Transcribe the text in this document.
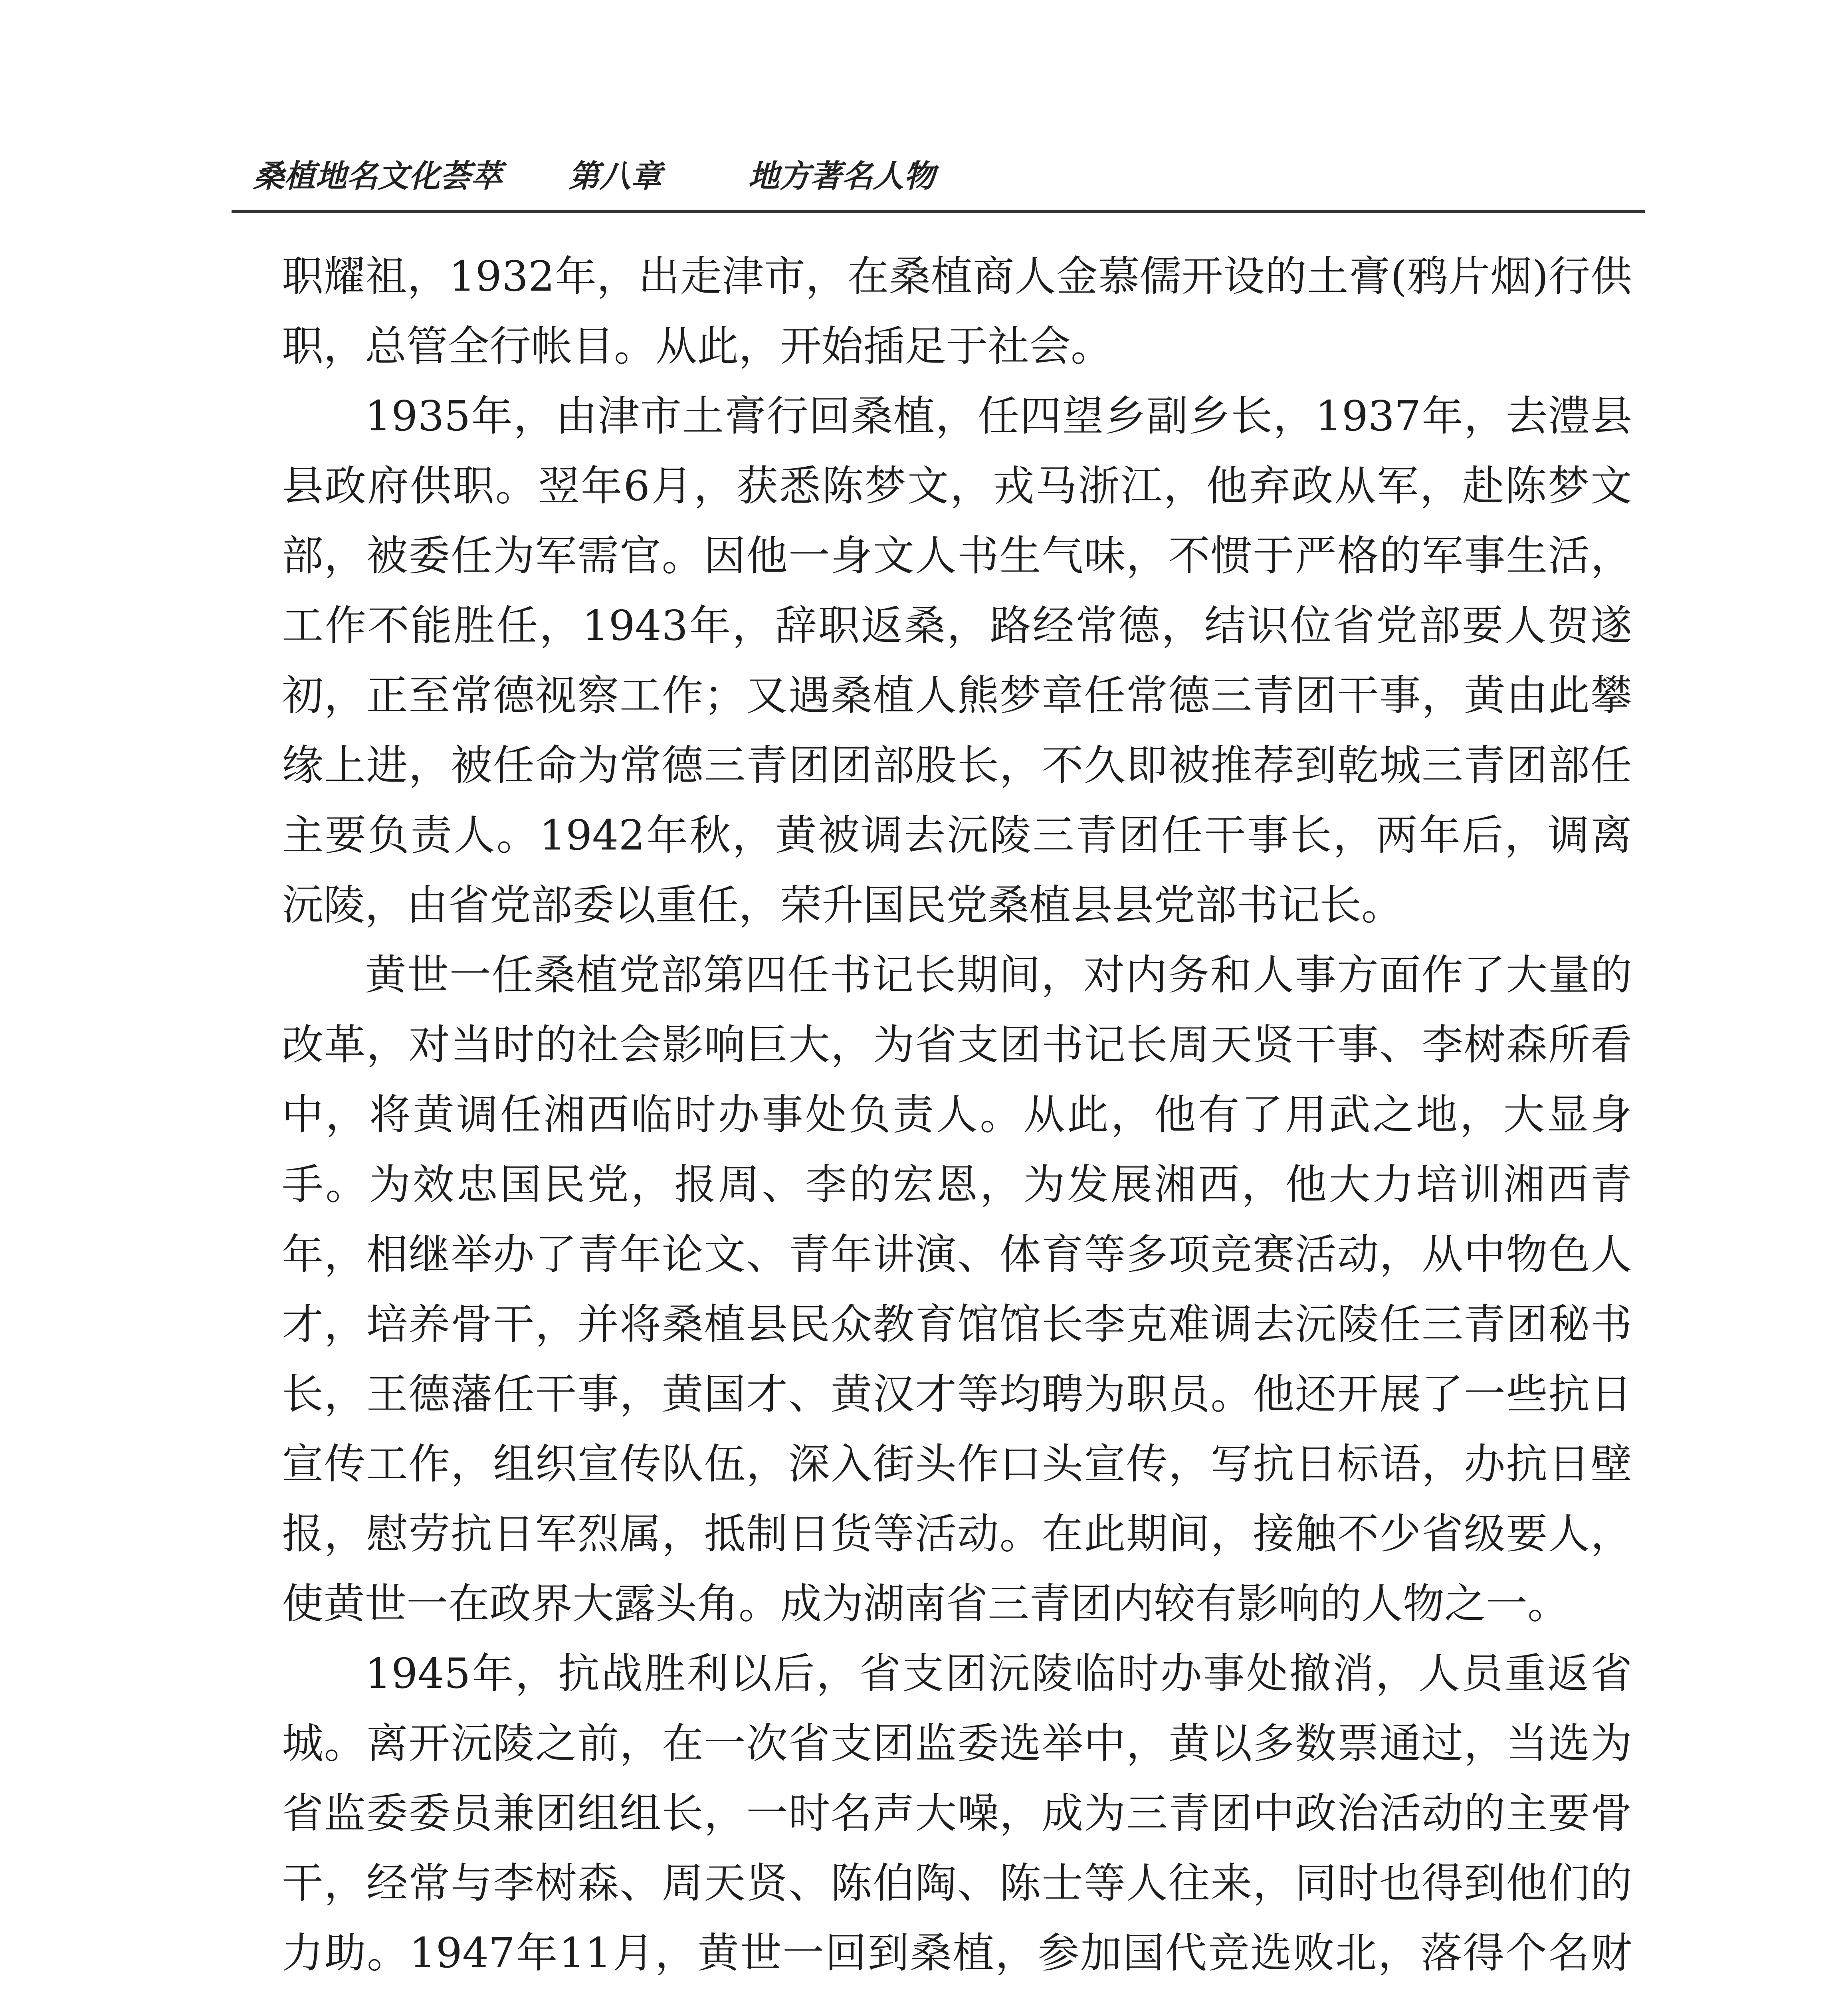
桑植地名文化荟萃 第八章	地方著名人物

职耀祖，1932年，出走津市，在桑植商人金慕儒开设的土膏(鸦片烟)行供职，总管全行帐目。从此，开始插足于社会。

1935年，由津市土膏行回桑植，任四望乡副乡长，1937年，去澧县县政府供职。翌年6月，获悉陈梦文，戎马浙江，他弃政从军，赴陈梦文部，被委任为军需官。因他一身文人书生气味，不惯于严格的军事生活，工作不能胜任，1943年，辞职返桑，路经常德，结识位省党部要人贺遂初，正至常德视察工作；又遇桑植人熊梦章任常德三青团干事，黄由此攀缘上进，被任命为常德三青团团部股长，不久即被推荐到乾城三青团部任主要负责人。1942年秋，黄被调去沅陵三青团任干事长，两年后，调离沅陵，由省党部委以重任，荣升国民党桑植县县党部书记长。

黄世一任桑植党部第四任书记长期间，对内务和人事方面作了大量的改革，对当时的社会影响巨大，为省支团书记长周天贤干事、李树森所看中，将黄调任湘西临时办事处负责人。从此，他有了用武之地，大显身手。为效忠国民党，报周、李的宏恩，为发展湘西，他大力培训湘西青年，相继举办了青年论文、青年讲演、体育等多项竞赛活动，从中物色人才，培养骨干，并将桑植县民众教育馆馆长李克难调去沅陵任三青团秘书长，王德藩任干事，黄国才、黄汉才等均聘为职员。他还开展了一些抗日宣传工作，组织宣传队伍，深入街头作口头宣传，写抗日标语，办抗日壁报，慰劳抗日军烈属，抵制日货等活动。在此期间，接触不少省级要人，使黄世一在政界大露头角。成为湖南省三青团内较有影响的人物之一。

1945年，抗战胜利以后，省支团沅陵临时办事处撤消，人员重返省城。离开沅陵之前，在一次省支团监委选举中，黄以多数票通过，当选为省监委委员兼团组组长，一时名声大噪，成为三青团中政治活动的主要骨干，经常与李树森、周天贤、陈伯陶、陈士等人往来，同时也得到他们的力助。1947年11月，黄世一回到桑植，参加国代竞选败北，落得个名财
